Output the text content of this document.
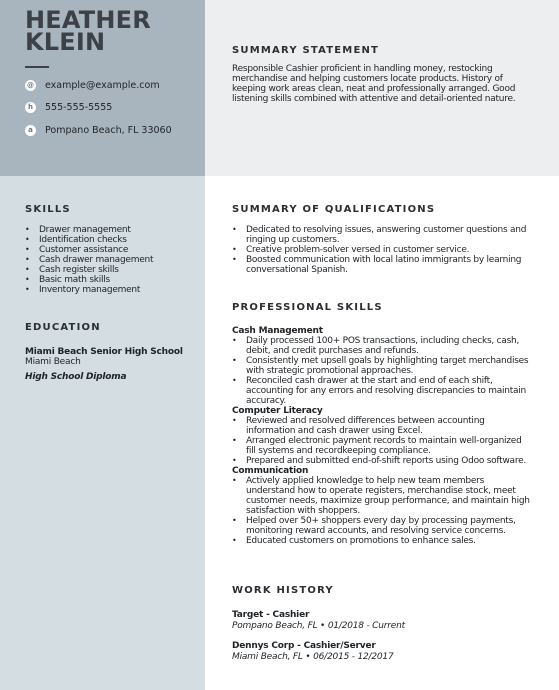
HEATHER
KLEIN
@ example@example.com
h	555-555-5555
a	Pompano Beach, FL 33060
SUMMARY STATEMENT
Responsible Cashier proficient in handling money, restocking merchandise and helping customers locate products. History of keeping work areas clean, neat and professionally arranged. Good listening skills combined with attentive and detail-oriented nature.
SKILLS
• Drawer management
• Identification checks
• Customer assistance
• Cash drawer management
• Cash register skills
• Basic math skills
• Inventory management
EDUCATION
Miami Beach Senior High School
Miami Beach
High School Diploma
SUMMARY OF QUALIFICATIONS
• Dedicated to resolving issues, answering customer questions and ringing up customers.
• Creative problem-solver versed in customer service.
• Boosted communication with local latino immigrants by learning conversational Spanish.
PROFESSIONAL SKILLS
Cash Management
• Daily processed 100+ POS transactions, including checks, cash, debit, and credit purchases and refunds.
• Consistently met upsell goals by highlighting target merchandises with strategic promotional approaches.
• Reconciled cash drawer at the start and end of each shift, accounting for any errors and resolving discrepancies to maintain accuracy.
Computer Literacy
• Reviewed and resolved differences between accounting information and cash drawer using Excel.
• Arranged electronic payment records to maintain well-organized fill systems and recordkeeping compliance.
• Prepared and submitted end-of-shift reports using Odoo software.
Communication
• Actively applied knowledge to help new team members understand how to operate registers, merchandise stock, meet customer needs, maximize group performance, and maintain high satisfaction with shoppers.
• Helped over 50+ shoppers every day by processing payments, monitoring reward accounts, and resolving service concerns.
• Educated customers on promotions to enhance sales.
WORK HISTORY
Target - Cashier
Pompano Beach, FL • 01/2018 - Current
Dennys Corp - Cashier/Server
Miami Beach, FL • 06/2015 - 12/2017
